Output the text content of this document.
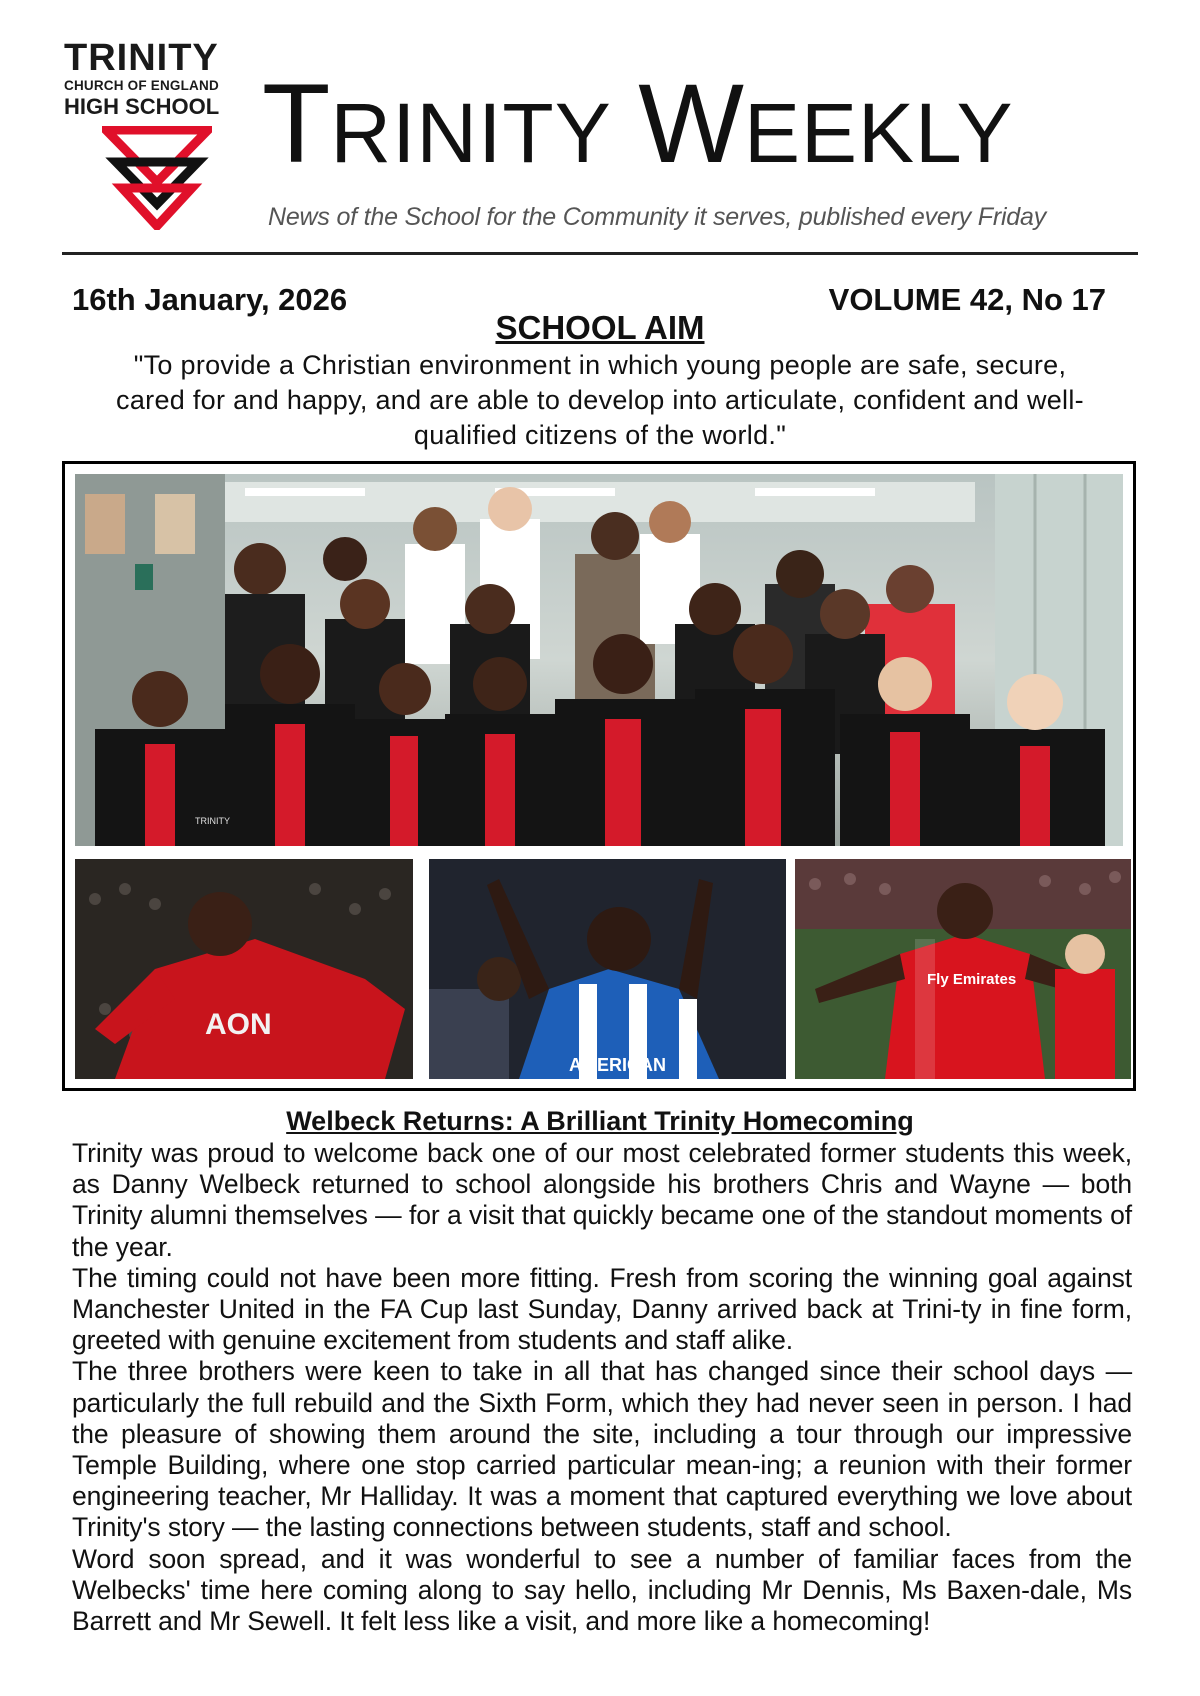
TRINITY
CHURCH OF ENGLAND
HIGH SCHOOL TRINITY WEEKLY
News of the School for the Community it serves, published every Friday
16th January, 2026	VOLUME 42, No 17
SCHOOL AIM
"To provide a Christian environment in which young people are safe, secure, cared for and happy, and are able to develop into articulate, confident and well-qualified citizens of the world."
TRINITY
AON
AMERICAN
Fly Emirates
Welbeck Returns: A Brilliant Trinity Homecoming

Trinity was proud to welcome back one of our most celebrated former students this week, as Danny Welbeck returned to school alongside his brothers Chris and Wayne — both Trinity alumni themselves — for a visit that quickly became one of the standout moments of the year.

The timing could not have been more fitting. Fresh from scoring the winning goal against Manchester United in the FA Cup last Sunday, Danny arrived back at Trini-ty in fine form, greeted with genuine excitement from students and staff alike.

The three brothers were keen to take in all that has changed since their school days — particularly the full rebuild and the Sixth Form, which they had never seen in person. I had the pleasure of showing them around the site, including a tour through our impressive Temple Building, where one stop carried particular mean-ing; a reunion with their former engineering teacher, Mr Halliday. It was a moment that captured everything we love about Trinity's story — the lasting connections between students, staff and school.

Word soon spread, and it was wonderful to see a number of familiar faces from the Welbecks' time here coming along to say hello, including Mr Dennis, Ms Baxen-dale, Ms Barrett and Mr Sewell. It felt less like a visit, and more like a homecoming!
